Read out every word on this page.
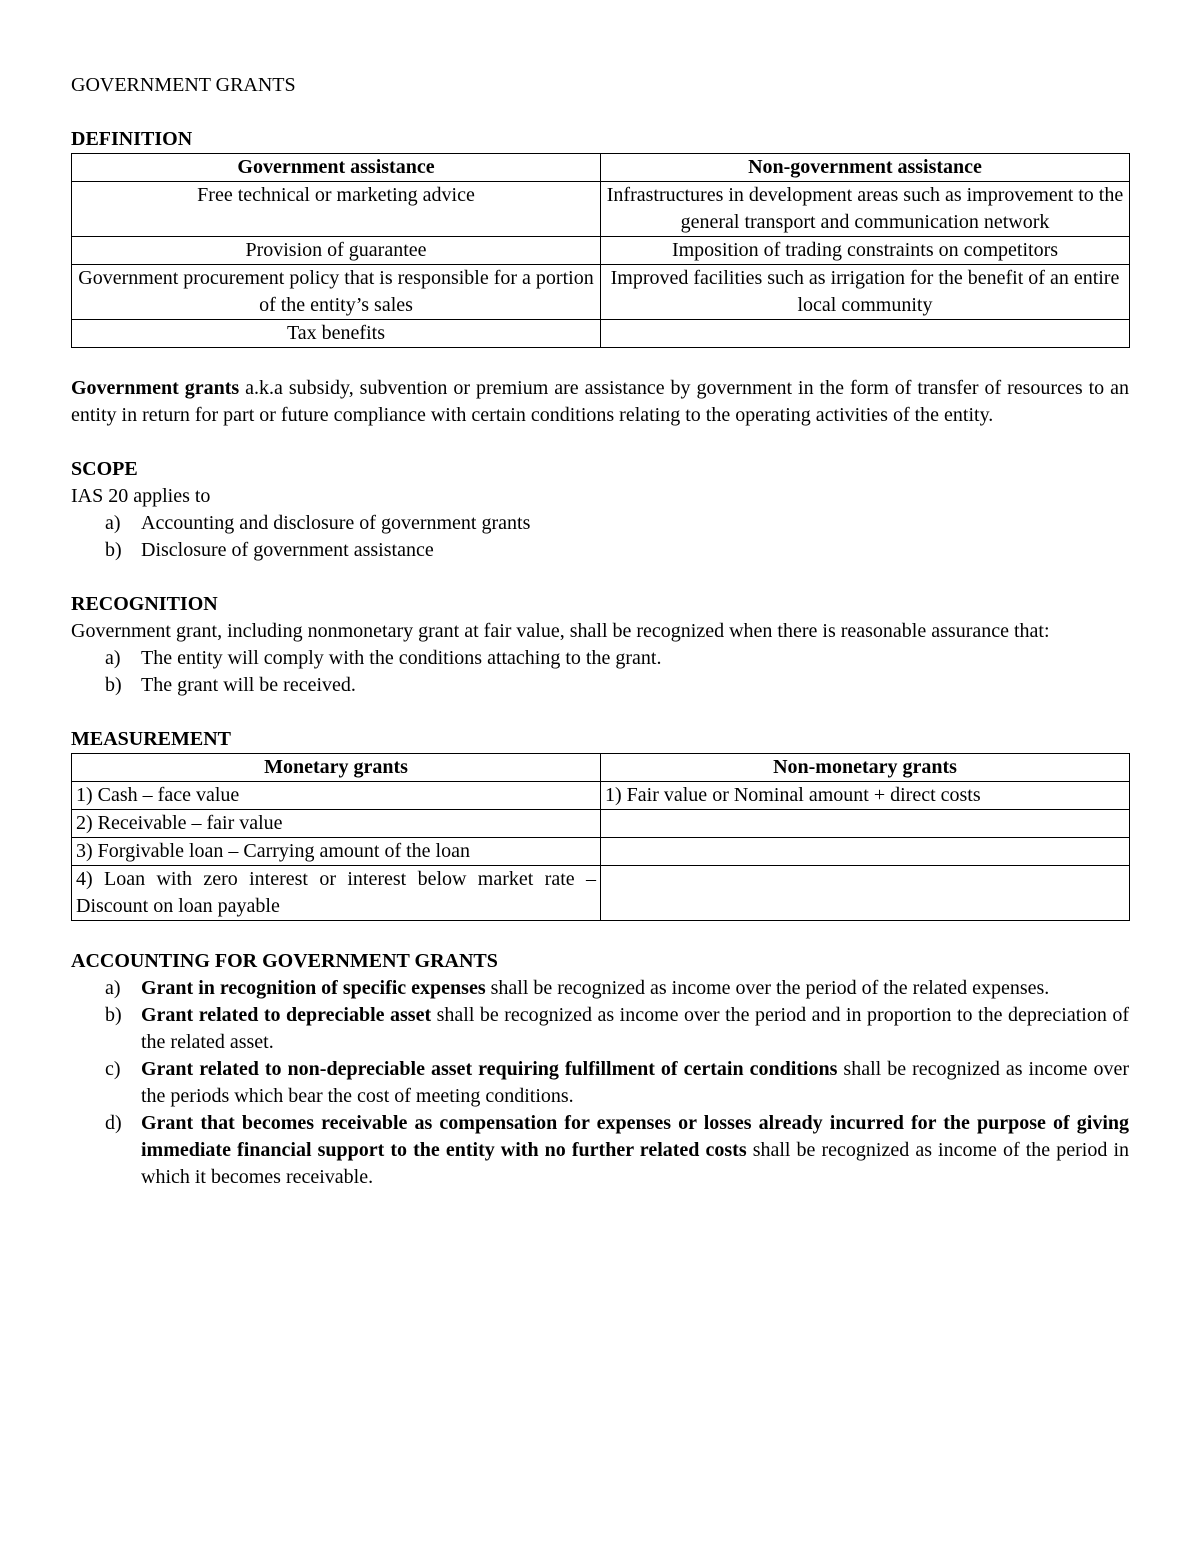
GOVERNMENT GRANTS

DEFINITION

Government assistance	Non-government assistance
Free technical or marketing advice	Infrastructures in development areas such as improvement to the general transport and communication network
Provision of guarantee	Imposition of trading constraints on competitors
Government procurement policy that is responsible for a portion of the entity’s sales	Improved facilities such as irrigation for the benefit of an entire local community
Tax benefits	

Government grants a.k.a subsidy, subvention or premium are assistance by government in the form of transfer of resources to an entity in return for part or future compliance with certain conditions relating to the operating activities of the entity.

SCOPE

IAS 20 applies to

a) Accounting and disclosure of government grants
b) Disclosure of government assistance

RECOGNITION

Government grant, including nonmonetary grant at fair value, shall be recognized when there is reasonable assurance that:

a) The entity will comply with the conditions attaching to the grant.
b) The grant will be received.

MEASUREMENT

Monetary grants	Non-monetary grants
1) Cash – face value	1) Fair value or Nominal amount + direct costs
2) Receivable – fair value	
3) Forgivable loan – Carrying amount of the loan	
4) Loan with zero interest or interest below market rate – Discount on loan payable	

ACCOUNTING FOR GOVERNMENT GRANTS

a) Grant in recognition of specific expenses shall be recognized as income over the period of the related expenses.
b) Grant related to depreciable asset shall be recognized as income over the period and in proportion to the depreciation of the related asset.
c) Grant related to non-depreciable asset requiring fulfillment of certain conditions shall be recognized as income over the periods which bear the cost of meeting conditions.
d) Grant that becomes receivable as compensation for expenses or losses already incurred for the purpose of giving immediate financial support to the entity with no further related costs shall be recognized as income of the period in which it becomes receivable.
